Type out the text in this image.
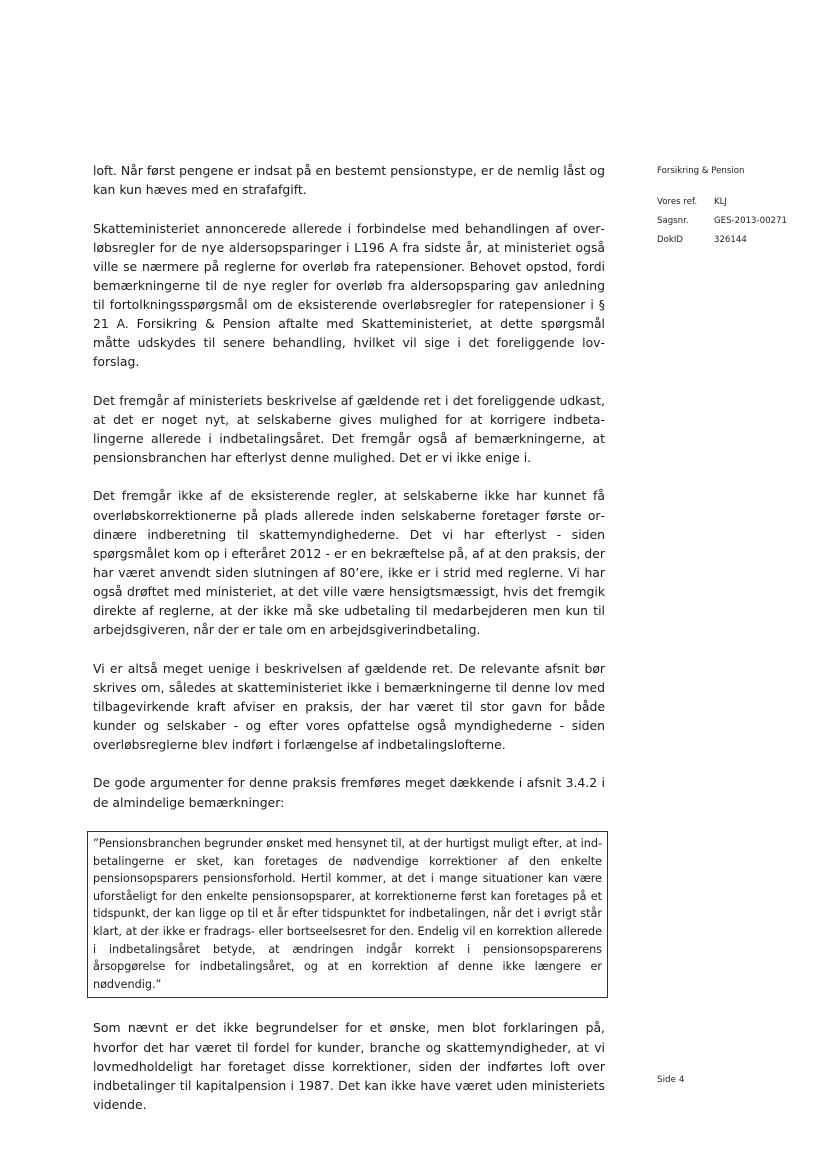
Forsikring & Pension
Vores ref.	KLJ
Sagsnr.	GES-2013-00271
DokID	326144

loft. Når først pengene er indsat på en bestemt pensionstype, er de nemlig låst og kan kun hæves med en strafafgift.

Skatteministeriet annoncerede allerede i forbindelse med behandlingen af overløbsregler for de nye aldersopsparinger i L196 A fra sidste år, at ministeriet også ville se nærmere på reglerne for overløb fra ratepensioner. Behovet opstod, fordi bemærkningerne til de nye regler for overløb fra aldersopsparing gav anledning til fortolkningsspørgsmål om de eksisterende overløbsregler for ratepensioner i § 21 A. Forsikring & Pension aftalte med Skatteministeriet, at dette spørgsmål måtte udskydes til senere behandling, hvilket vil sige i det foreliggende lovforslag.

Det fremgår af ministeriets beskrivelse af gældende ret i det foreliggende udkast, at det er noget nyt, at selskaberne gives mulighed for at korrigere indbetalingerne allerede i indbetalingsåret. Det fremgår også af bemærkningerne, at pensionsbranchen har efterlyst denne mulighed. Det er vi ikke enige i.

Det fremgår ikke af de eksisterende regler, at selskaberne ikke har kunnet få overløbskorrektionerne på plads allerede inden selskaberne foretager første ordinære indberetning til skattemyndighederne. Det vi har efterlyst - siden spørgsmålet kom op i efteråret 2012 - er en bekræftelse på, af at den praksis, der har været anvendt siden slutningen af 80’ere, ikke er i strid med reglerne. Vi har også drøftet med ministeriet, at det ville være hensigtsmæssigt, hvis det fremgik direkte af reglerne, at der ikke må ske udbetaling til medarbejderen men kun til arbejdsgiveren, når der er tale om en arbejdsgiverindbetaling.

Vi er altså meget uenige i beskrivelsen af gældende ret. De relevante afsnit bør skrives om, således at skatteministeriet ikke i bemærkningerne til denne lov med tilbagevirkende kraft afviser en praksis, der har været til stor gavn for både kunder og selskaber - og efter vores opfattelse også myndighederne - siden overløbsreglerne blev indført i forlængelse af indbetalingslofterne.

De gode argumenter for denne praksis fremføres meget dækkende i afsnit 3.4.2 i de almindelige bemærkninger:

”Pensionsbranchen begrunder ønsket med hensynet til, at der hurtigst muligt efter, at indbetalingerne er sket, kan foretages de nødvendige korrektioner af den enkelte pensionsopsparers pensionsforhold. Hertil kommer, at det i mange situationer kan være uforståeligt for den enkelte pensionsopsparer, at korrektionerne først kan foretages på et tidspunkt, der kan ligge op til et år efter tidspunktet for indbetalingen, når det i øvrigt står klart, at der ikke er fradrags- eller bortseelsesret for den. Endelig vil en korrektion allerede i indbetalingsåret betyde, at ændringen indgår korrekt i pensionsopsparerens årsopgørelse for indbetalingsåret, og at en korrektion af denne ikke længere er nødvendig.”

Som nævnt er det ikke begrundelser for et ønske, men blot forklaringen på, hvorfor det har været til fordel for kunder, branche og skattemyndigheder, at vi lovmedholdeligt har foretaget disse korrektioner, siden der indførtes loft over indbetalinger til kapitalpension i 1987. Det kan ikke have været uden ministeriets vidende.

Side 4
